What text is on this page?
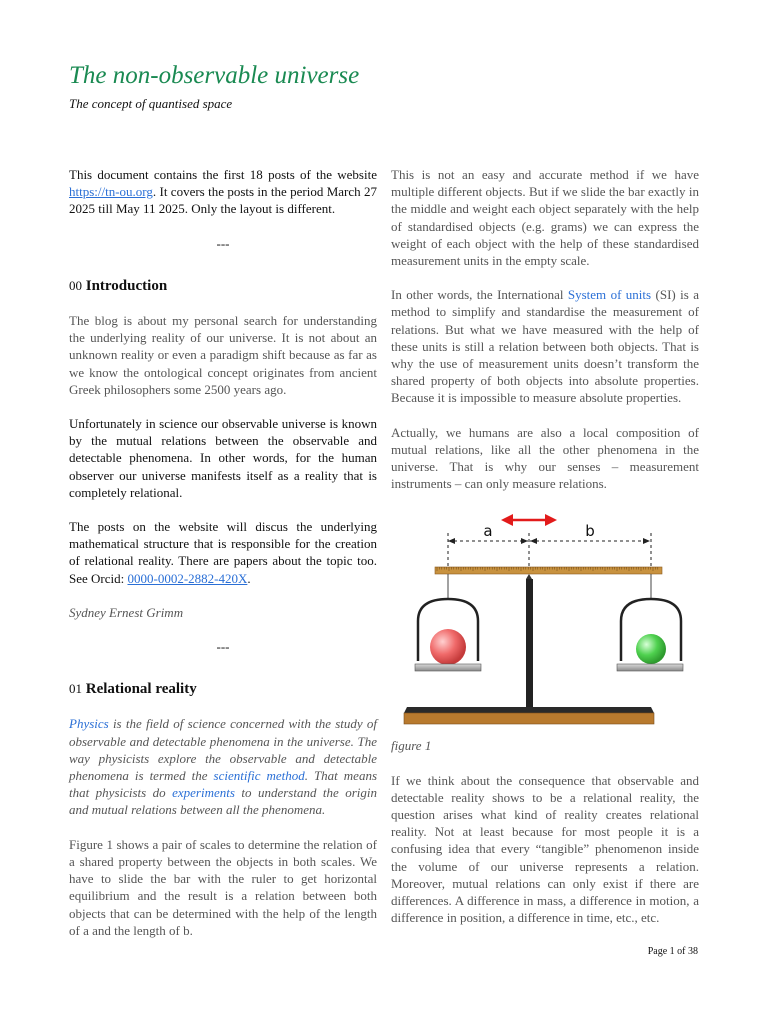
The non-observable universe
The concept of quantised space

This document contains the first 18 posts of the website https://tn-ou.org. It covers the posts in the period March 27 2025 till May 11 2025. Only the layout is different.

---
00 Introduction

The blog is about my personal search for understanding the underlying reality of our universe. It is not about an unknown reality or even a paradigm shift because as far as we know the ontological concept originates from ancient Greek philosophers some 2500 years ago.

Unfortunately in science our observable universe is known by the mutual relations between the observable and detectable phenomena. In other words, for the human observer our universe manifests itself as a reality that is completely relational.

The posts on the website will discus the underlying mathematical structure that is responsible for the creation of relational reality. There are papers about the topic too. See Orcid: 0000-0002-2882-420X.

Sydney Ernest Grimm

---
01 Relational reality

Physics is the field of science concerned with the study of observable and detectable phenomena in the universe. The way physicists explore the observable and detectable phenomena is termed the scientific method. That means that physicists do experiments to understand the origin and mutual relations between all the phenomena.

Figure 1 shows a pair of scales to determine the relation of a shared property between the objects in both scales. We have to slide the bar with the ruler to get horizontal equilibrium and the result is a relation between both objects that can be determined with the help of the length of a and the length of b.

This is not an easy and accurate method if we have multiple different objects. But if we slide the bar exactly in the middle and weight each object separately with the help of standardised objects (e.g. grams) we can express the weight of each object with the help of these standardised measurement units in the empty scale.

In other words, the International System of units (SI) is a method to simplify and standardise the measurement of relations. But what we have measured with the help of these units is still a relation between both objects. That is why the use of measurement units doesn’t transform the shared property of both objects into absolute properties. Because it is impossible to measure absolute properties.

Actually, we humans are also a local composition of mutual relations, like all the other phenomena in the universe. That is why our senses – measurement instruments – can only measure relations.

a	b

figure 1

If we think about the consequence that observable and detectable reality shows to be a relational reality, the question arises what kind of reality creates relational reality. Not at least because for most people it is a confusing idea that every “tangible” phenomenon inside the volume of our universe represents a relation. Moreover, mutual relations can only exist if there are differences. A difference in mass, a difference in motion, a difference in position, a difference in time, etc., etc.

Page 1 of 38
